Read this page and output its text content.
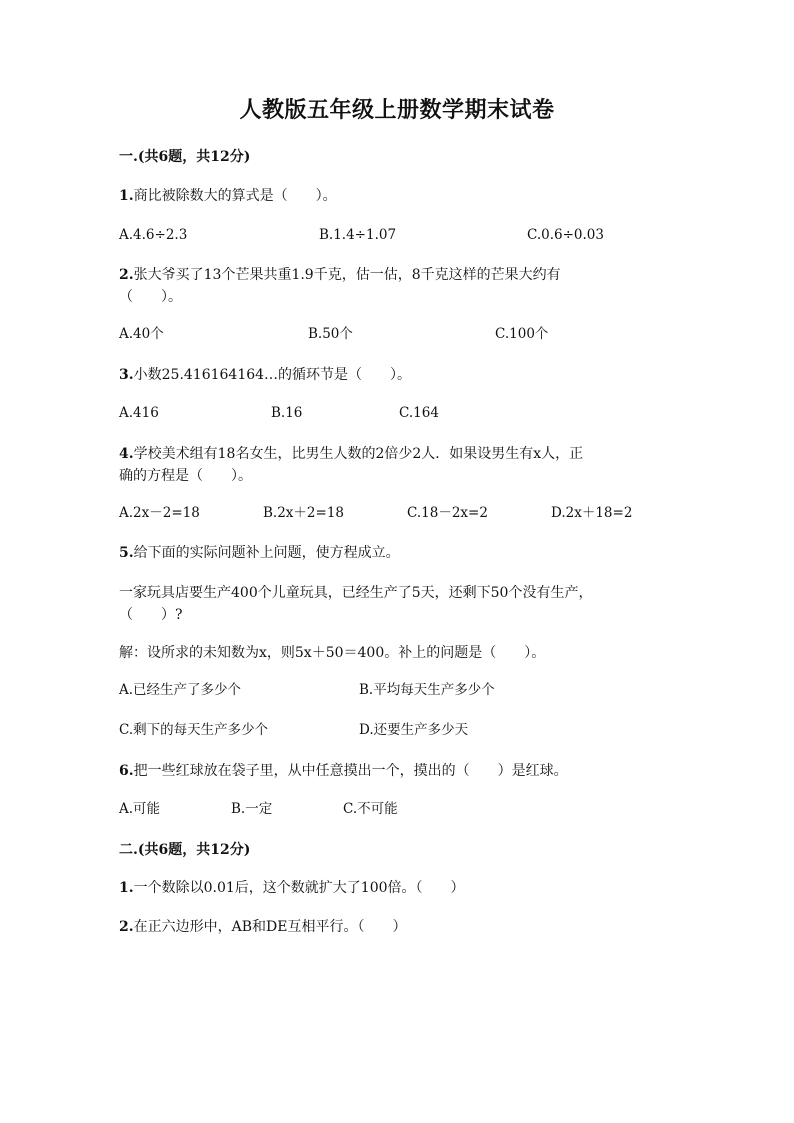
人教版五年级上册数学期末试卷
一.(共6题，共12分)
1.商比被除数大的算式是（　　）。
A.4.6÷2.3	B.1.4÷1.07	C.0.6÷0.03
2.张大爷买了13个芒果共重1.9千克，估一估，8千克这样的芒果大约有
（　　）。
A.40个	B.50个	C.100个
3.小数25.416164164…的循环节是（　　）。
A.416	B.16	C.164
4.学校美术组有18名女生，比男生人数的2倍少2人．如果设男生有x人，正
确的方程是（　　）。
A.2x－2=18	B.2x＋2=18	C.18－2x=2	D.2x＋18=2
5.给下面的实际问题补上问题，使方程成立。
一家玩具店要生产400个儿童玩具，已经生产了5天，还剩下50个没有生产，
（　　）?
解：设所求的未知数为x，则5x＋50＝400。补上的问题是（　　）。
A.已经生产了多少个	B.平均每天生产多少个
C.剩下的每天生产多少个	D.还要生产多少天
6.把一些红球放在袋子里，从中任意摸出一个，摸出的（　　）是红球。
A.可能	B.一定	C.不可能
二.(共6题，共12分)
1.一个数除以0.01后，这个数就扩大了100倍。（　　）
2.在正六边形中，AB和DE互相平行。（　　）
